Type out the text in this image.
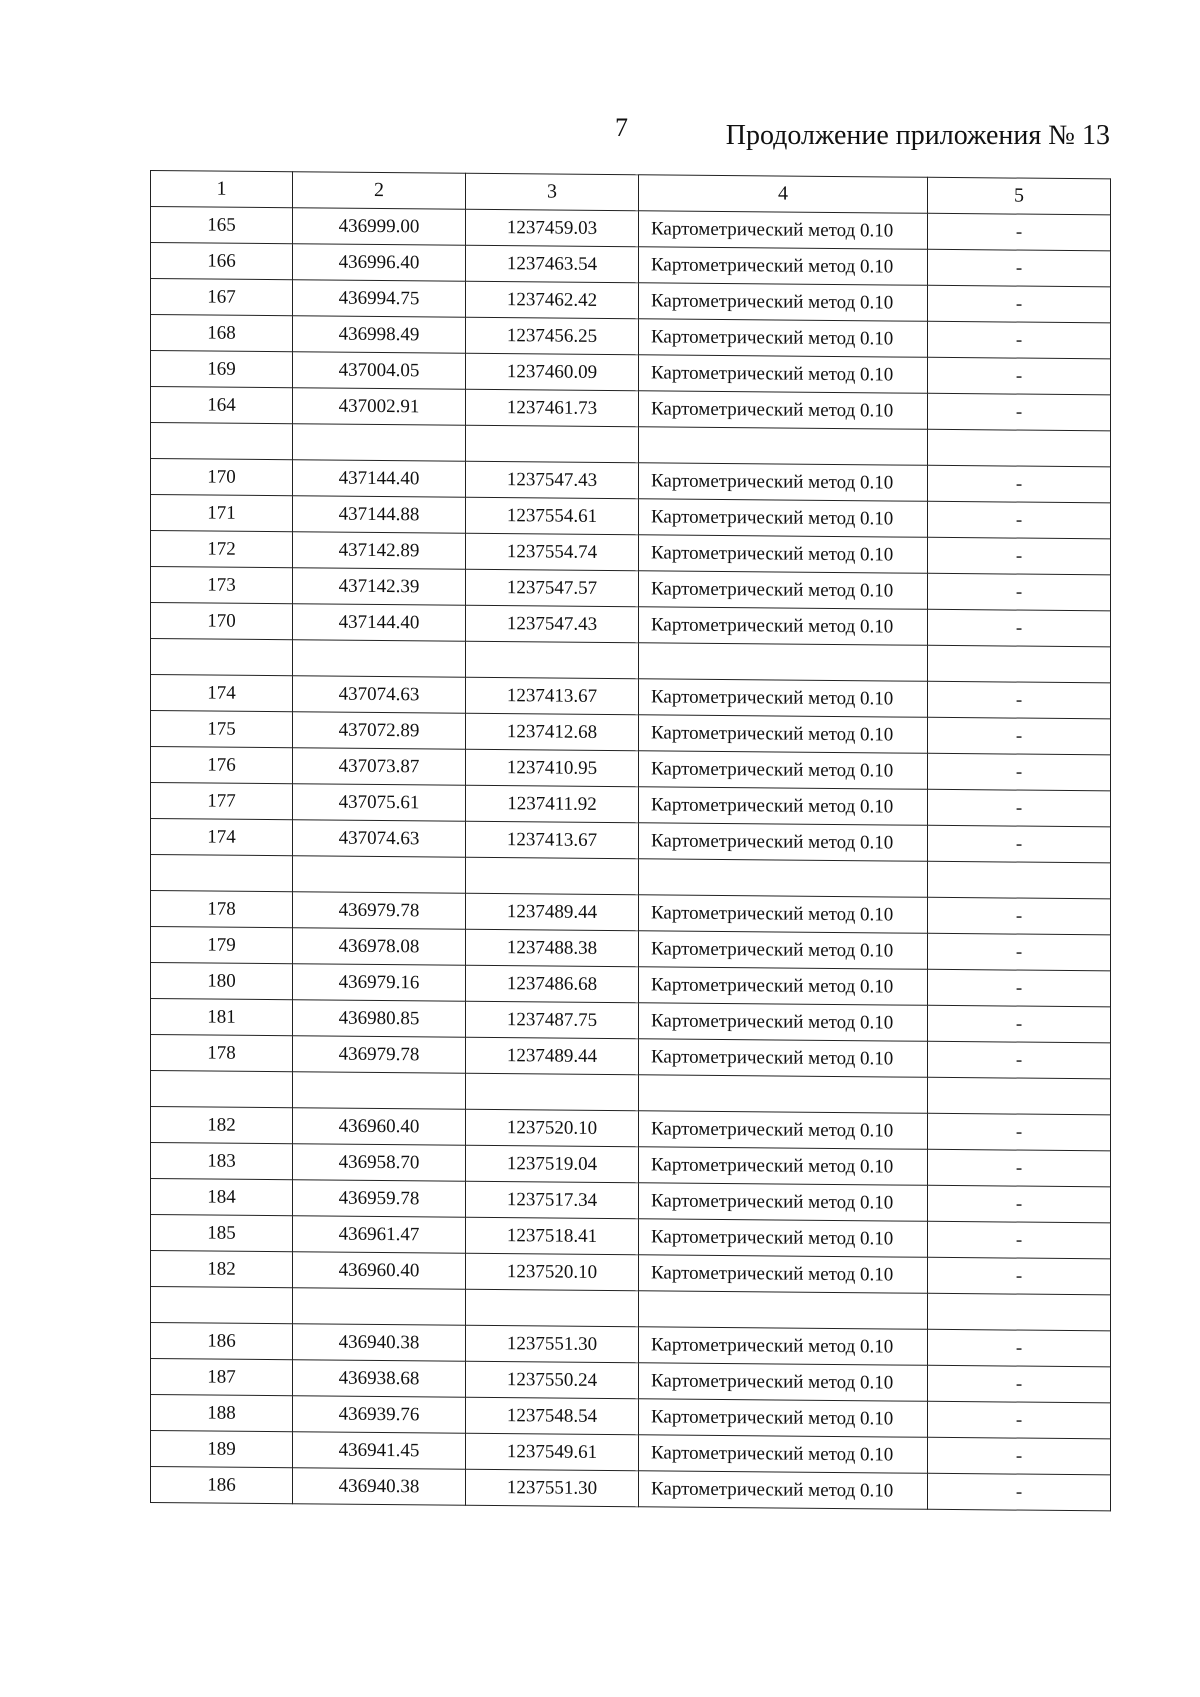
7	Продолжение приложения № 13
1	2	3	4	5
165	436999.00	1237459.03	Картометрический метод 0.10	-
166	436996.40	1237463.54	Картометрический метод 0.10	-
167	436994.75	1237462.42	Картометрический метод 0.10	-
168	436998.49	1237456.25	Картометрический метод 0.10	-
169	437004.05	1237460.09	Картометрический метод 0.10	-
164	437002.91	1237461.73	Картометрический метод 0.10	-

170	437144.40	1237547.43	Картометрический метод 0.10	-
171	437144.88	1237554.61	Картометрический метод 0.10	-
172	437142.89	1237554.74	Картометрический метод 0.10	-
173	437142.39	1237547.57	Картометрический метод 0.10	-
170	437144.40	1237547.43	Картометрический метод 0.10	-

174	437074.63	1237413.67	Картометрический метод 0.10	-
175	437072.89	1237412.68	Картометрический метод 0.10	-
176	437073.87	1237410.95	Картометрический метод 0.10	-
177	437075.61	1237411.92	Картометрический метод 0.10	-
174	437074.63	1237413.67	Картометрический метод 0.10	-

178	436979.78	1237489.44	Картометрический метод 0.10	-
179	436978.08	1237488.38	Картометрический метод 0.10	-
180	436979.16	1237486.68	Картометрический метод 0.10	-
181	436980.85	1237487.75	Картометрический метод 0.10	-
178	436979.78	1237489.44	Картометрический метод 0.10	-

182	436960.40	1237520.10	Картометрический метод 0.10	-
183	436958.70	1237519.04	Картометрический метод 0.10	-
184	436959.78	1237517.34	Картометрический метод 0.10	-
185	436961.47	1237518.41	Картометрический метод 0.10	-
182	436960.40	1237520.10	Картометрический метод 0.10	-

186	436940.38	1237551.30	Картометрический метод 0.10	-
187	436938.68	1237550.24	Картометрический метод 0.10	-
188	436939.76	1237548.54	Картометрический метод 0.10	-
189	436941.45	1237549.61	Картометрический метод 0.10	-
186	436940.38	1237551.30	Картометрический метод 0.10	-
